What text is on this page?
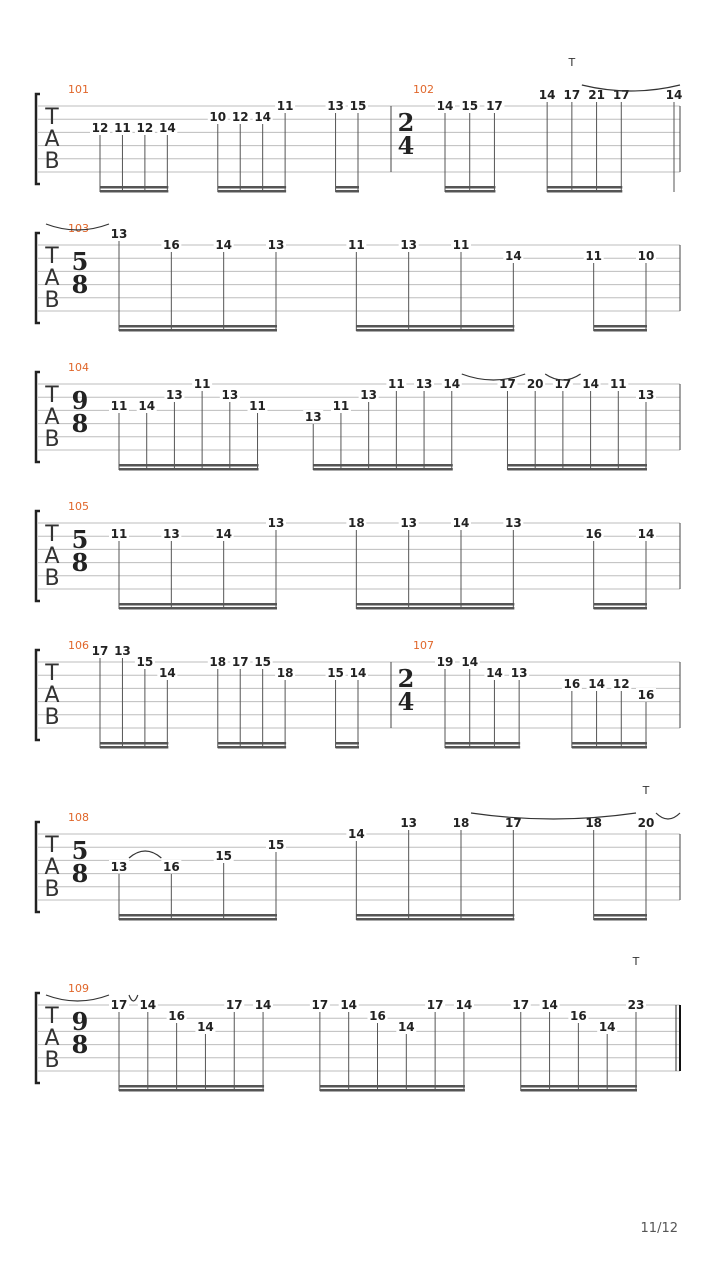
T
A
B
101
12 11 12 14
10 12 14
11	13 15
102
2
4
14 15 17
14 17 21 17	14
T
T
A
B
103
5
8
13
16	14	13	11	13	11
14	11	10
T
A
B
104
9
8
11 14
13
11
13
11
13
11
13
11 13 14	17 20 17 14 11
13
T
A
B
105
5
8
11	13	14
13	18	13	14	13
16	14
T
A
B
106 17 13
15
14
18 17 15
18	15 14
107
2
4
19 14
14 13
16 14 12
16
T
A
B
108
5
8 13	16
15
15
14
13	18	17	18	20
T
T
A
B
109
9
8
17 14
16
14
17 14	17 14
16
14
17 14	17 14
16
14
23
T
11/12
